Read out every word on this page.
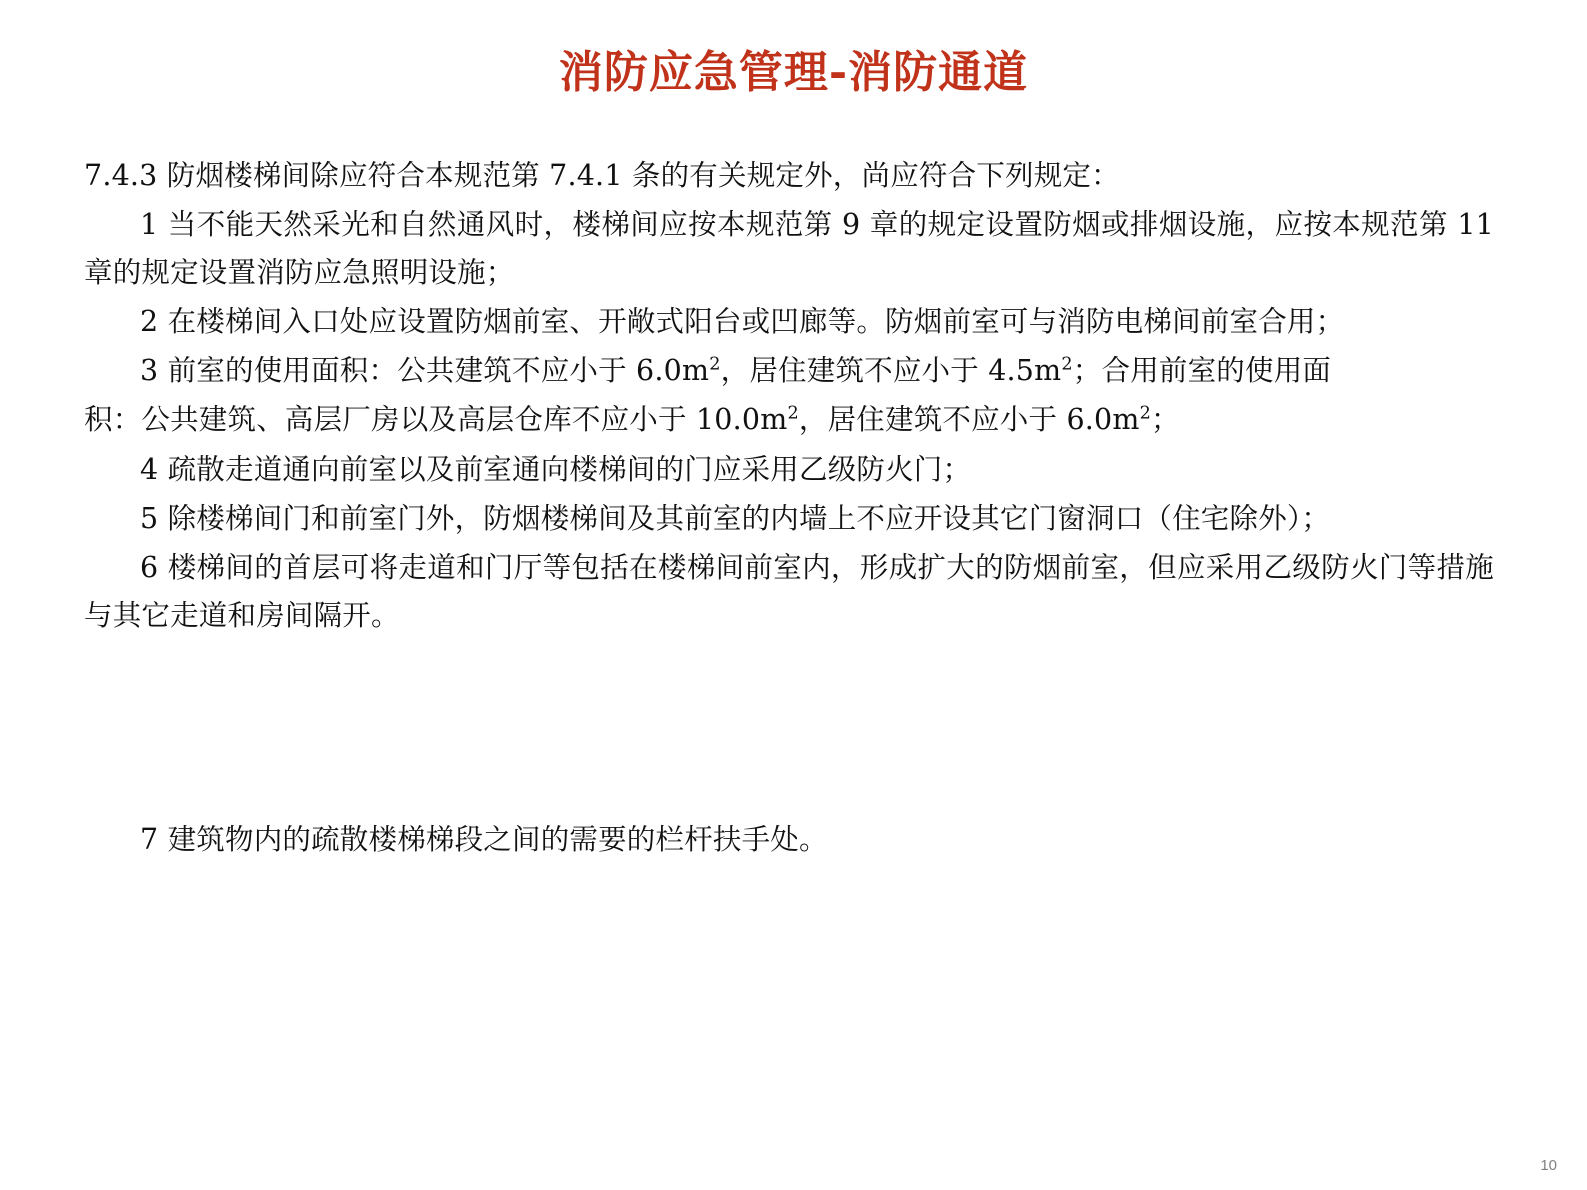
消防应急管理-消防通道

7.4.3 防烟楼梯间除应符合本规范第 7.4.1 条的有关规定外，尚应符合下列规定：

1 当不能天然采光和自然通风时，楼梯间应按本规范第 9 章的规定设置防烟或排烟设施，应按本规范第 11 章的规定设置消防应急照明设施；

2 在楼梯间入口处应设置防烟前室、开敞式阳台或凹廊等。防烟前室可与消防电梯间前室合用；

3 前室的使用面积：公共建筑不应小于 $6.0m^2$，居住建筑不应小于 $4.5m^2$；合用前室的使用面

积：公共建筑、高层厂房以及高层仓库不应小于 $10.0m^2$，居住建筑不应小于 $6.0m^2$；

4 疏散走道通向前室以及前室通向楼梯间的门应采用乙级防火门；

5 除楼梯间门和前室门外，防烟楼梯间及其前室的内墙上不应开设其它门窗洞口（住宅除外）；

6 楼梯间的首层可将走道和门厅等包括在楼梯间前室内，形成扩大的防烟前室，但应采用乙级防火门等措施与其它走道和房间隔开。

7 建筑物内的疏散楼梯梯段之间的需要的栏杆扶手处。

10
